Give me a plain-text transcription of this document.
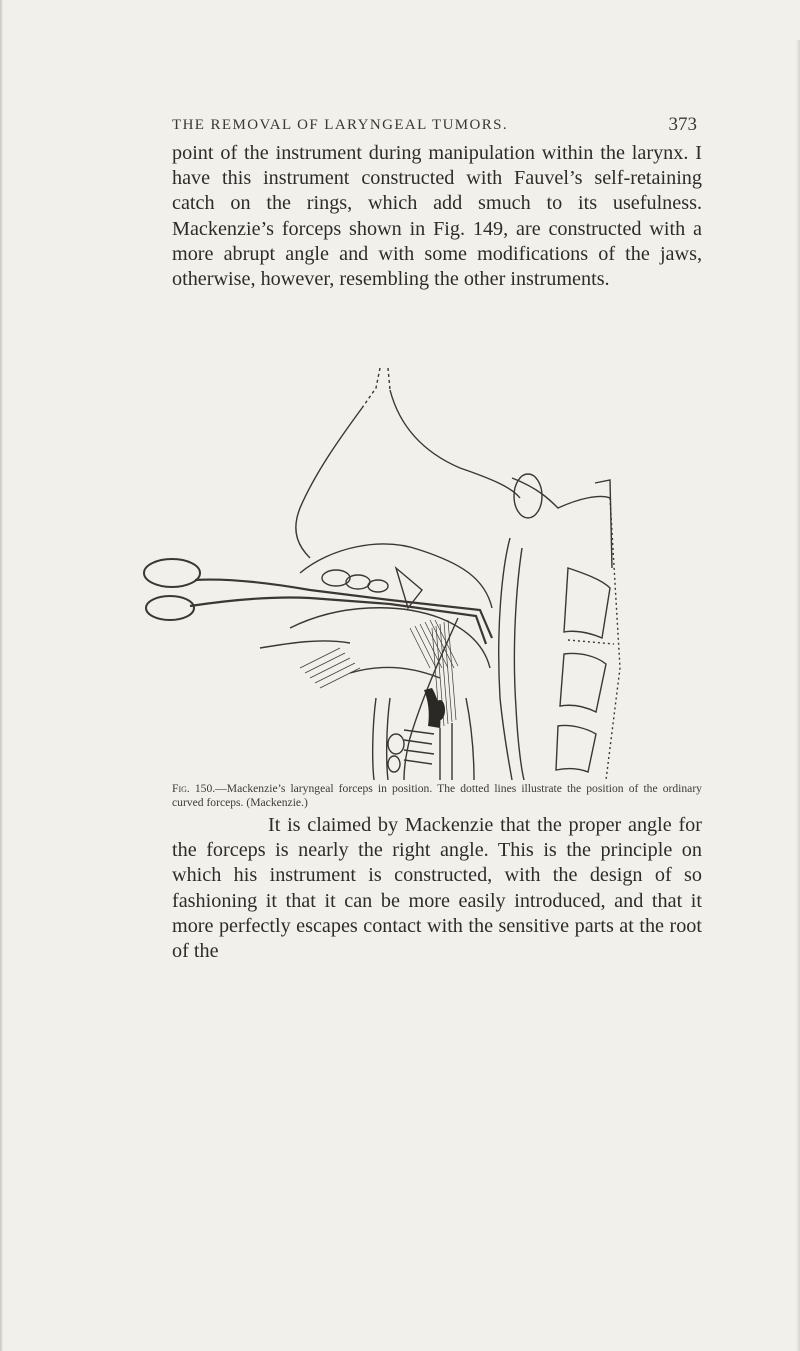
THE REMOVAL OF LARYNGEAL TUMORS.	373

point of the instrument during manipulation within the larynx. I have this instrument constructed with Fauvel’s self-retaining catch on the rings, which add smuch to its usefulness. Mackenzie’s forceps shown in Fig. 149, are constructed with a more abrupt angle and with some modifications of the jaws, otherwise, however, resembling the other instruments.

Fig. 150.—Mackenzie’s laryngeal forceps in position. The dotted lines illustrate the position of the ordinary curved forceps. (Mackenzie.)

It is claimed by Mackenzie that the proper angle for the forceps is nearly the right angle. This is the principle on which his instrument is constructed, with the design of so fashioning it that it can be more easily introduced, and that it more perfectly escapes contact with the sensitive parts at the root of the
